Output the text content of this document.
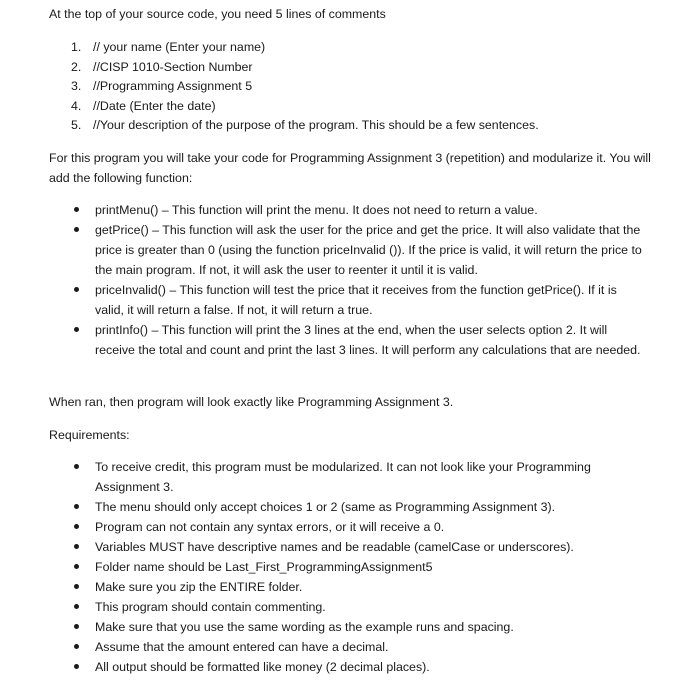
At the top of your source code, you need 5 lines of comments

1. // your name (Enter your name)
2. //CISP 1010-Section Number
3. //Programming Assignment 5
4. //Date (Enter the date)
5. //Your description of the purpose of the program. This should be a few sentences.

For this program you will take your code for Programming Assignment 3 (repetition) and modularize it. You will add the following function:

printMenu() – This function will print the menu. It does not need to return a value.
getPrice() – This function will ask the user for the price and get the price. It will also validate that the price is greater than 0 (using the function priceInvalid ()). If the price is valid, it will return the price to the main program. If not, it will ask the user to reenter it until it is valid.
priceInvalid() – This function will test the price that it receives from the function getPrice(). If it is valid, it will return a false. If not, it will return a true.
printInfo() – This function will print the 3 lines at the end, when the user selects option 2. It will receive the total and count and print the last 3 lines. It will perform any calculations that are needed.

When ran, then program will look exactly like Programming Assignment 3.

Requirements:

To receive credit, this program must be modularized. It can not look like your Programming Assignment 3.
The menu should only accept choices 1 or 2 (same as Programming Assignment 3).
Program can not contain any syntax errors, or it will receive a 0.
Variables MUST have descriptive names and be readable (camelCase or underscores).
Folder name should be Last_First_ProgrammingAssignment5
Make sure you zip the ENTIRE folder.
This program should contain commenting.
Make sure that you use the same wording as the example runs and spacing.
Assume that the amount entered can have a decimal.
All output should be formatted like money (2 decimal places).
